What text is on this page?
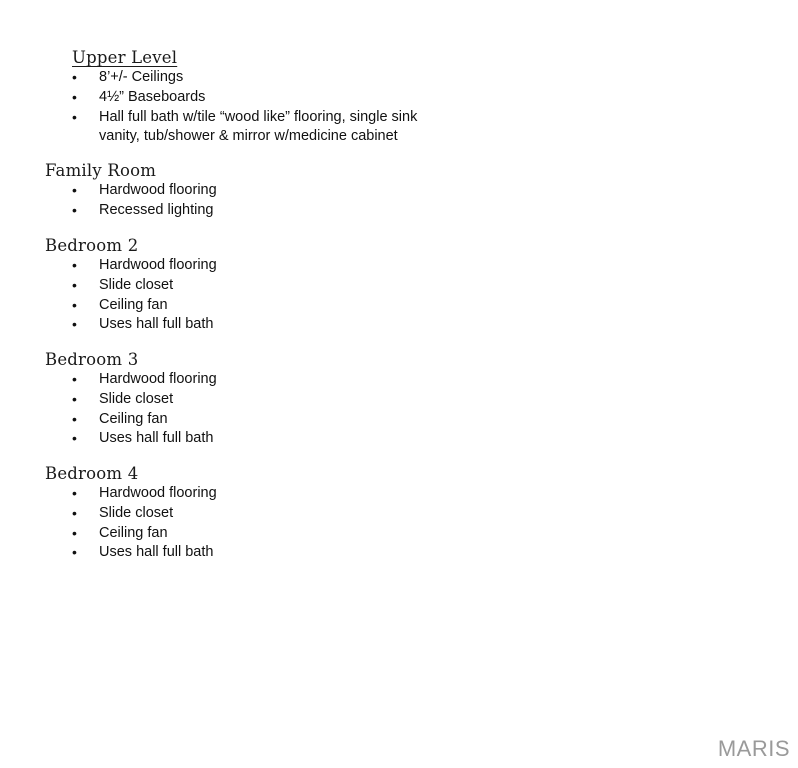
Upper Level
• 8’+/- Ceilings
• 4½” Baseboards
• Hall full bath w/tile “wood like” flooring, single sink vanity, tub/shower & mirror w/medicine cabinet
Family Room
• Hardwood flooring
• Recessed lighting
Bedroom 2
• Hardwood flooring
• Slide closet
• Ceiling fan
• Uses hall full bath
Bedroom 3
• Hardwood flooring
• Slide closet
• Ceiling fan
• Uses hall full bath
Bedroom 4
• Hardwood flooring
• Slide closet
• Ceiling fan
• Uses hall full bath
MARIS
